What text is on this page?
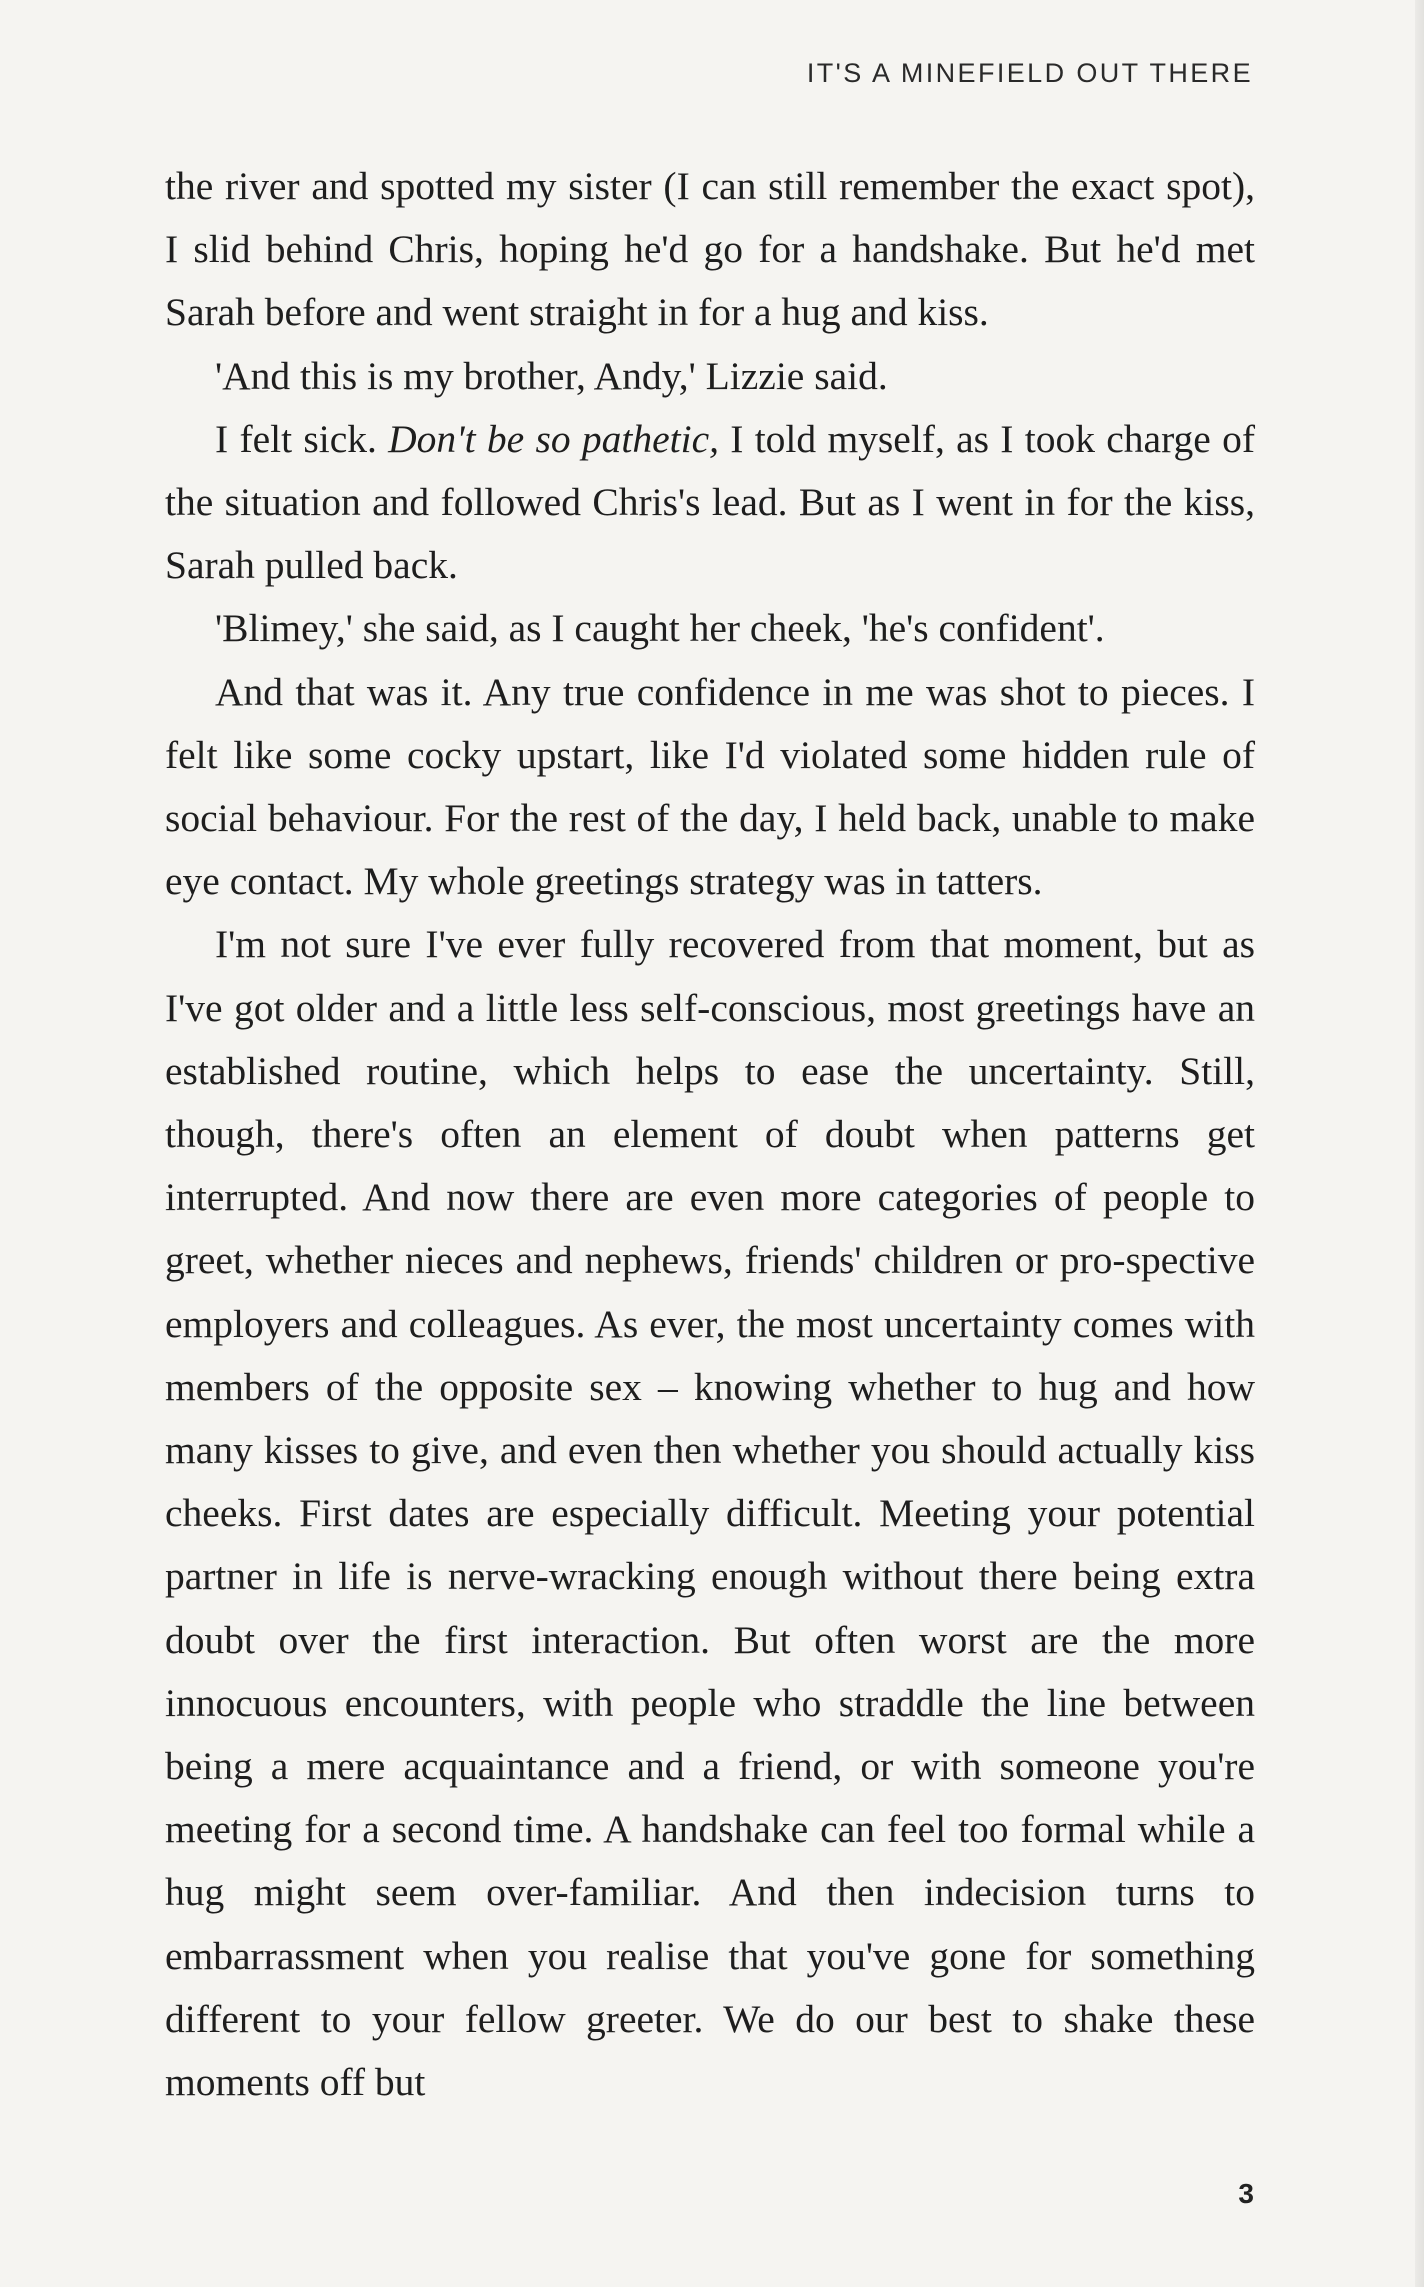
IT'S A MINEFIELD OUT THERE

the river and spotted my sister (I can still remember the exact spot), I slid behind Chris, hoping he'd go for a handshake. But he'd met Sarah before and went straight in for a hug and kiss.

'And this is my brother, Andy,' Lizzie said.

I felt sick. Don't be so pathetic, I told myself, as I took charge of the situation and followed Chris's lead. But as I went in for the kiss, Sarah pulled back.

'Blimey,' she said, as I caught her cheek, 'he's confident'.

And that was it. Any true confidence in me was shot to pieces. I felt like some cocky upstart, like I'd violated some hidden rule of social behaviour. For the rest of the day, I held back, unable to make eye contact. My whole greetings strategy was in tatters.

I'm not sure I've ever fully recovered from that moment, but as I've got older and a little less self-conscious, most greetings have an established routine, which helps to ease the uncertainty. Still, though, there's often an element of doubt when patterns get interrupted. And now there are even more categories of people to greet, whether nieces and nephews, friends' children or pro-spective employers and colleagues. As ever, the most uncertainty comes with members of the opposite sex – knowing whether to hug and how many kisses to give, and even then whether you should actually kiss cheeks. First dates are especially difficult. Meeting your potential partner in life is nerve-wracking enough without there being extra doubt over the first interaction. But often worst are the more innocuous encounters, with people who straddle the line between being a mere acquaintance and a friend, or with someone you're meeting for a second time. A handshake can feel too formal while a hug might seem over-familiar. And then indecision turns to embarrassment when you realise that you've gone for something different to your fellow greeter. We do our best to shake these moments off but

3
